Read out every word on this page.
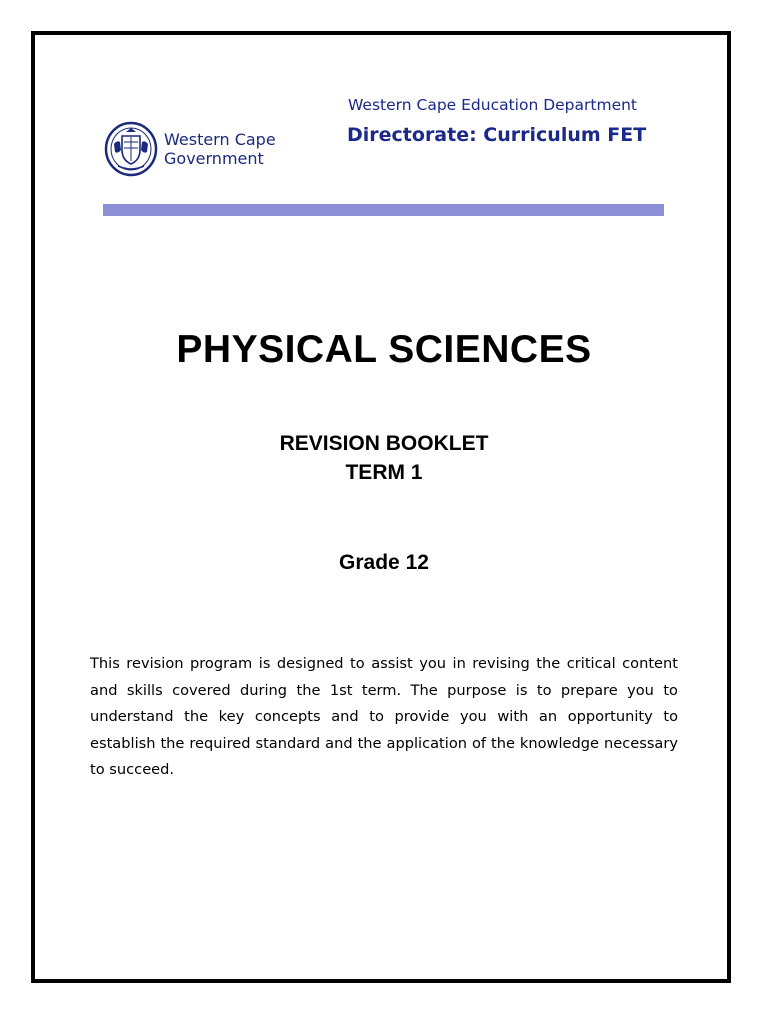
Western Cape
Government
Western Cape Education Department
Directorate: Curriculum FET
PHYSICAL SCIENCES
REVISION BOOKLET
TERM 1
Grade 12

This revision program is designed to assist you in revising the critical content and skills covered during the 1st term. The purpose is to prepare you to understand the key concepts and to provide you with an opportunity to establish the required standard and the application of the knowledge necessary to succeed.
